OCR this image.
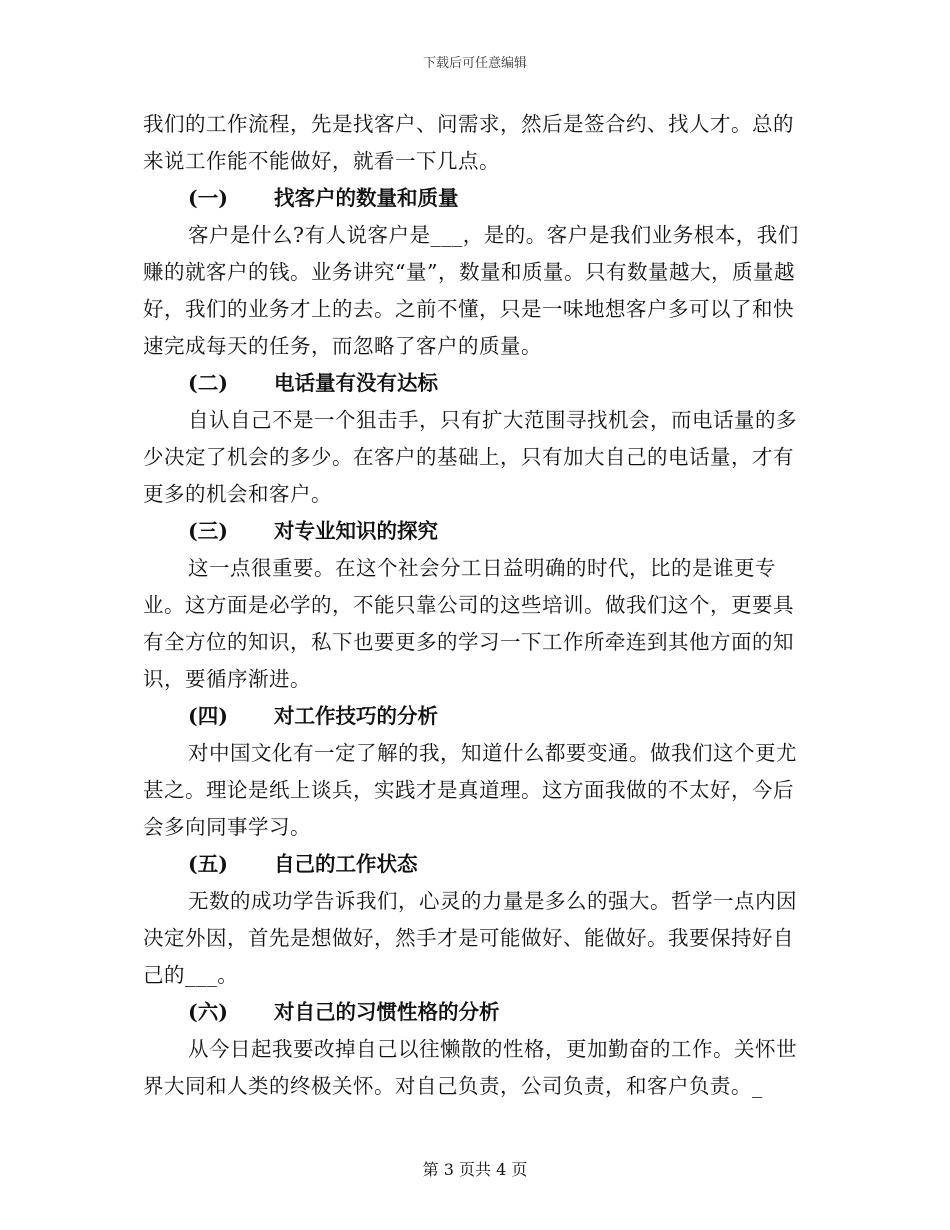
下载后可任意编辑

我们的工作流程，先是找客户、问需求，然后是签合约、找人才。总的来说工作能不能做好，就看一下几点。

(一) 找客户的数量和质量

客户是什么?有人说客户是___，是的。客户是我们业务根本，我们赚的就客户的钱。业务讲究“量”，数量和质量。只有数量越大，质量越好，我们的业务才上的去。之前不懂，只是一味地想客户多可以了和快速完成每天的任务，而忽略了客户的质量。

(二) 电话量有没有达标

自认自己不是一个狙击手，只有扩大范围寻找机会，而电话量的多少决定了机会的多少。在客户的基础上，只有加大自己的电话量，才有更多的机会和客户。

(三) 对专业知识的探究

这一点很重要。在这个社会分工日益明确的时代，比的是谁更专业。这方面是必学的，不能只靠公司的这些培训。做我们这个，更要具有全方位的知识，私下也要更多的学习一下工作所牵连到其他方面的知识，要循序渐进。

(四) 对工作技巧的分析

对中国文化有一定了解的我，知道什么都要变通。做我们这个更尤甚之。理论是纸上谈兵，实践才是真道理。这方面我做的不太好，今后会多向同事学习。

(五) 自己的工作状态

无数的成功学告诉我们，心灵的力量是多么的强大。哲学一点内因决定外因，首先是想做好，然手才是可能做好、能做好。我要保持好自己的___。

(六) 对自己的习惯性格的分析

从今日起我要改掉自己以往懒散的性格，更加勤奋的工作。关怀世界大同和人类的终极关怀。对自己负责，公司负责，和客户负责。_

第 3 页共 4 页
